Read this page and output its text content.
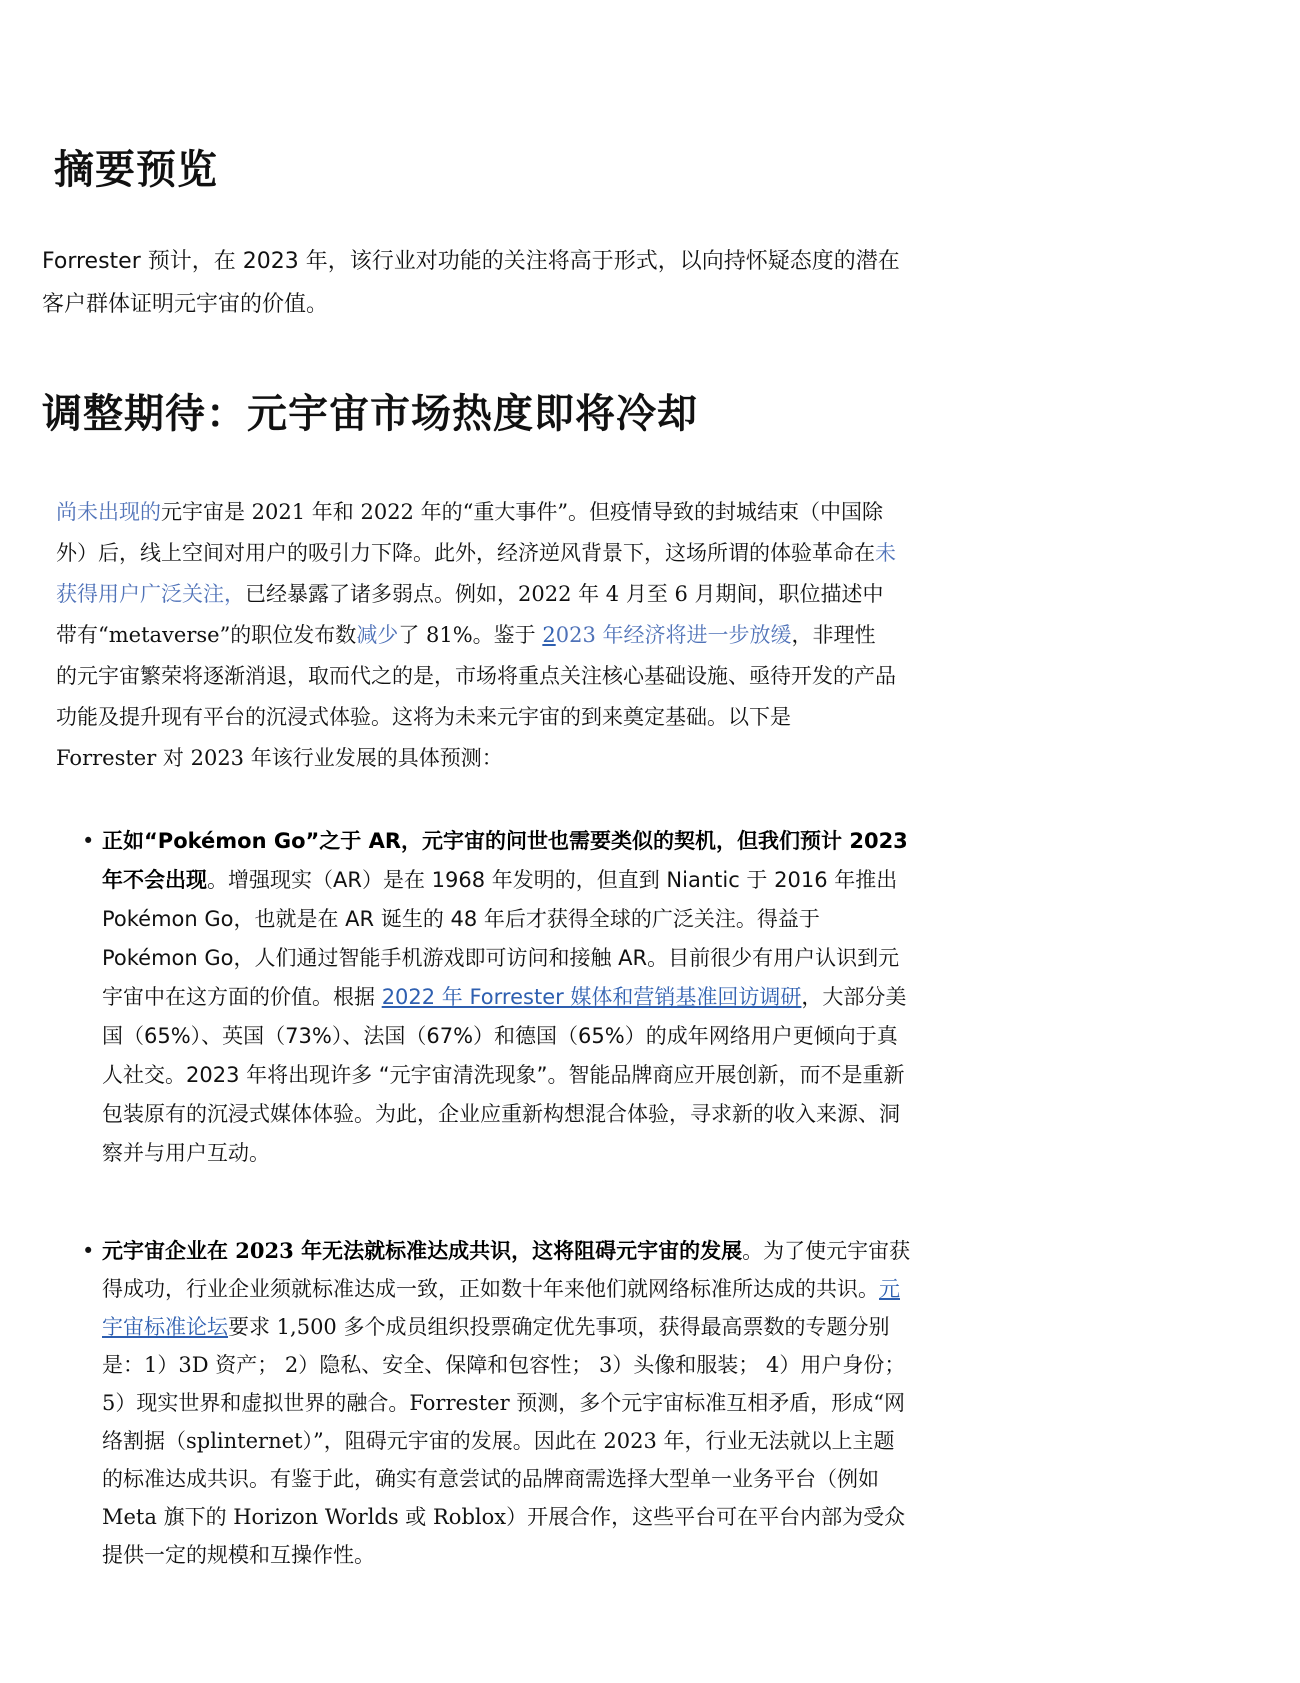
摘要预览

Forrester 预计，在 2023 年，该行业对功能的关注将高于形式，以向持怀疑态度的潜在客户群体证明元宇宙的价值。

调整期待：元宇宙市场热度即将冷却

尚未出现的元宇宙是 2021 年和 2022 年的“重大事件”。但疫情导致的封城结束（中国除外）后，线上空间对用户的吸引力下降。此外，经济逆风背景下，这场所谓的体验革命在未获得用户广泛关注，已经暴露了诸多弱点。例如，2022 年 4 月至 6 月期间，职位描述中带有“metaverse”的职位发布数减少了 81%。鉴于 2023 年经济将进一步放缓，非理性的元宇宙繁荣将逐渐消退，取而代之的是，市场将重点关注核心基础设施、亟待开发的产品功能及提升现有平台的沉浸式体验。这将为未来元宇宙的到来奠定基础。以下是 Forrester 对 2023 年该行业发展的具体预测：

• 正如“Pokémon Go”之于 AR，元宇宙的问世也需要类似的契机，但我们预计 2023 年不会出现。增强现实（AR）是在 1968 年发明的，但直到 Niantic 于 2016 年推出 Pokémon Go，也就是在 AR 诞生的 48 年后才获得全球的广泛关注。得益于 Pokémon Go，人们通过智能手机游戏即可访问和接触 AR。目前很少有用户认识到元宇宙中在这方面的价值。根据 2022 年 Forrester 媒体和营销基准回访调研，大部分美国（65%）、英国（73%）、法国（67%）和德国（65%）的成年网络用户更倾向于真人社交。2023 年将出现许多 “元宇宙清洗现象”。智能品牌商应开展创新，而不是重新包装原有的沉浸式媒体体验。为此，企业应重新构想混合体验，寻求新的收入来源、洞察并与用户互动。
• 元宇宙企业在 2023 年无法就标准达成共识，这将阻碍元宇宙的发展。为了使元宇宙获得成功，行业企业须就标准达成一致，正如数十年来他们就网络标准所达成的共识。元宇宙标准论坛要求 1,500 多个成员组织投票确定优先事项，获得最高票数的专题分别是：1）3D 资产； 2）隐私、安全、保障和包容性； 3）头像和服装； 4）用户身份；5）现实世界和虚拟世界的融合。Forrester 预测，多个元宇宙标准互相矛盾，形成“网络割据（splinternet）”，阻碍元宇宙的发展。因此在 2023 年，行业无法就以上主题的标准达成共识。有鉴于此，确实有意尝试的品牌商需选择大型单一业务平台（例如 Meta 旗下的 Horizon Worlds 或 Roblox）开展合作，这些平台可在平台内部为受众提供一定的规模和互操作性。
